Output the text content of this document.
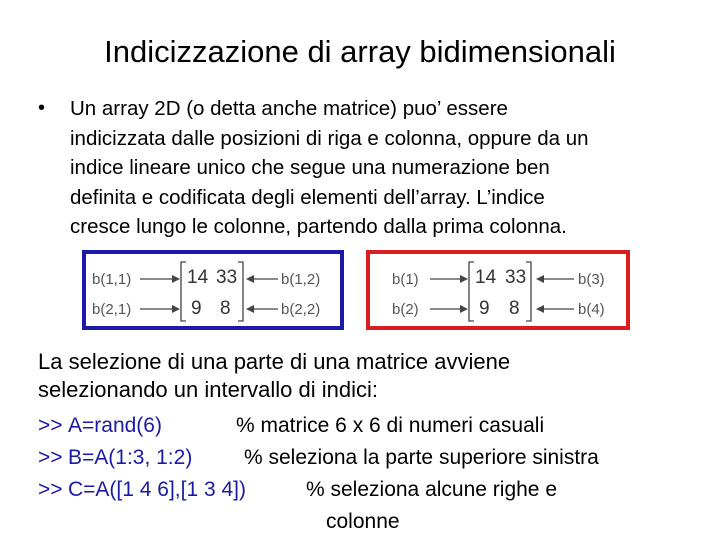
Indicizzazione di array bidimensionali
• Un array 2D (o detta anche matrice) puo’ essere
indicizzata dalle posizioni di riga e colonna, oppure da un
indice lineare unico che segue una numerazione ben
definita e codificata degli elementi dell’array. L’indice
cresce lungo le colonne, partendo dalla prima colonna.
b(1,1)
b(2,1)
14 33
9 8
b(1,2)
b(2,2)
b(1)
b(2)
14 33
9 8
b(3)
b(4)
La selezione di una parte di una matrice avviene
selezionando un intervallo di indici:
>> A=rand(6)	% matrice 6 x 6 di numeri casuali
>> B=A(1:3, 1:2) % seleziona la parte superiore sinistra
>> C=A([1 4 6],[1 3 4])	% seleziona alcune righe e
colonne
